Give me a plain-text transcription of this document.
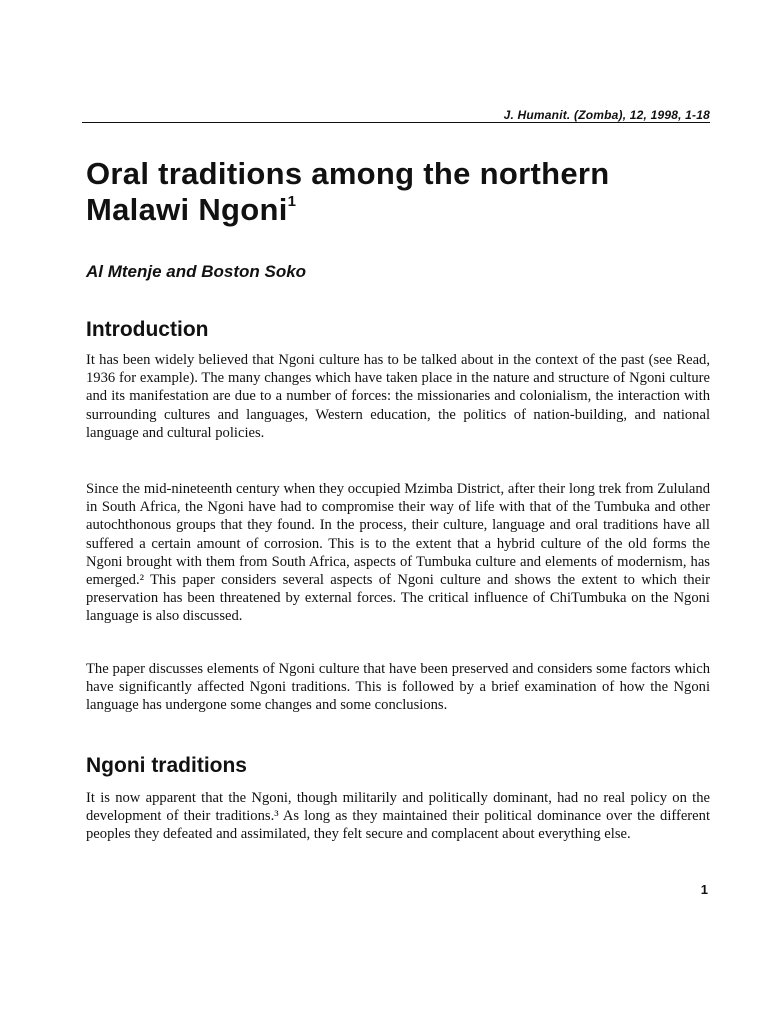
J. Humanit. (Zomba), 12, 1998, 1-18
Oral traditions among the northern Malawi Ngoni$^1$
Al Mtenje and Boston Soko
Introduction

It has been widely believed that Ngoni culture has to be talked about in the context of the past (see Read, 1936 for example). The many changes which have taken place in the nature and structure of Ngoni culture and its manifestation are due to a number of forces: the missionaries and colonialism, the interaction with surrounding cultures and languages, Western education, the politics of nation-building, and national language and cultural policies.

Since the mid-nineteenth century when they occupied Mzimba District, after their long trek from Zululand in South Africa, the Ngoni have had to compromise their way of life with that of the Tumbuka and other autochthonous groups that they found. In the process, their culture, language and oral traditions have all suffered a certain amount of corrosion. This is to the extent that a hybrid culture of the old forms the Ngoni brought with them from South Africa, aspects of Tumbuka culture and elements of modernism, has emerged.² This paper considers several aspects of Ngoni culture and shows the extent to which their preservation has been threatened by external forces. The critical influence of ChiTumbuka on the Ngoni language is also discussed.

The paper discusses elements of Ngoni culture that have been preserved and considers some factors which have significantly affected Ngoni traditions. This is followed by a brief examination of how the Ngoni language has undergone some changes and some conclusions.

Ngoni traditions

It is now apparent that the Ngoni, though militarily and politically dominant, had no real policy on the development of their traditions.³ As long as they maintained their political dominance over the different peoples they defeated and assimilated, they felt secure and complacent about everything else.

1
